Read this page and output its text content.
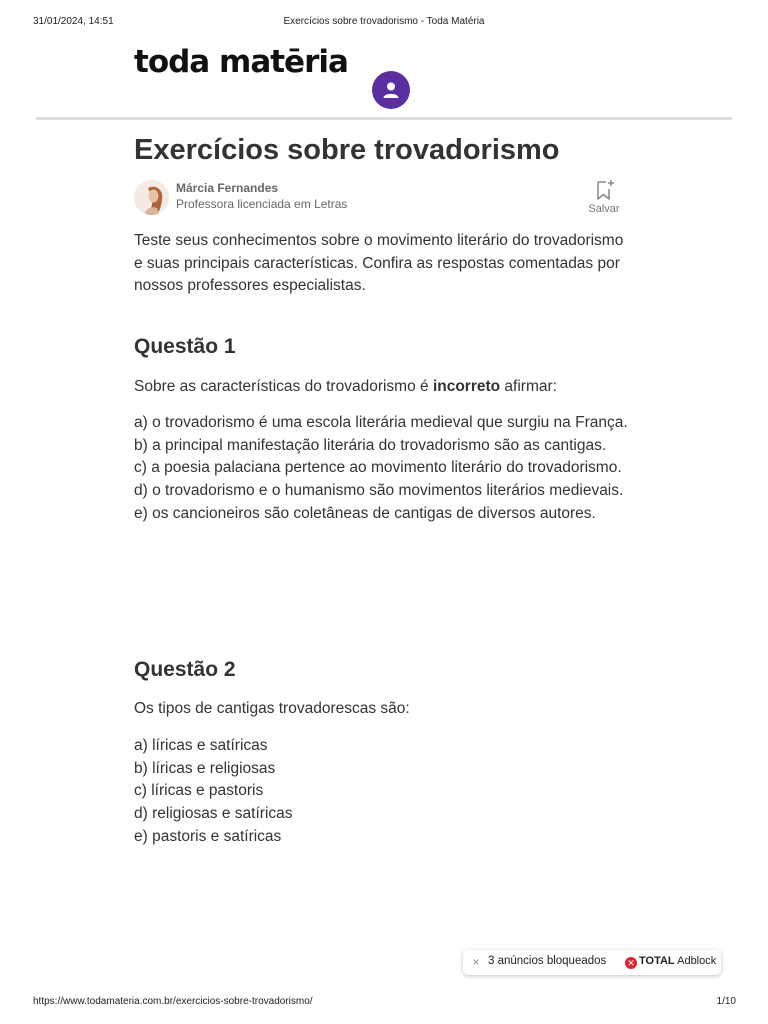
31/01/2024, 14:51	Exercícios sobre trovadorismo - Toda Matéria
toda matēria
Exercícios sobre trovadorismo
Márcia Fernandes
Professora licenciada em Letras	Salvar

Teste seus conhecimentos sobre o movimento literário do trovadorismo e suas principais características. Confira as respostas comentadas por nossos professores especialistas.

Questão 1

Sobre as características do trovadorismo é incorreto afirmar:

a) o trovadorismo é uma escola literária medieval que surgiu na França.
b) a principal manifestação literária do trovadorismo são as cantigas.
c) a poesia palaciana pertence ao movimento literário do trovadorismo.
d) o trovadorismo e o humanismo são movimentos literários medievais.
e) os cancioneiros são coletâneas de cantigas de diversos autores.
Questão 2

Os tipos de cantigas trovadorescas são:

a) líricas e satíricas
b) líricas e religiosas
c) líricas e pastoris
d) religiosas e satíricas
e) pastoris e satíricas
× 3 anúncios bloqueados ✕ TOTAL Adblock
https://www.todamateria.com.br/exercicios-sobre-trovadorismo/	1/10
